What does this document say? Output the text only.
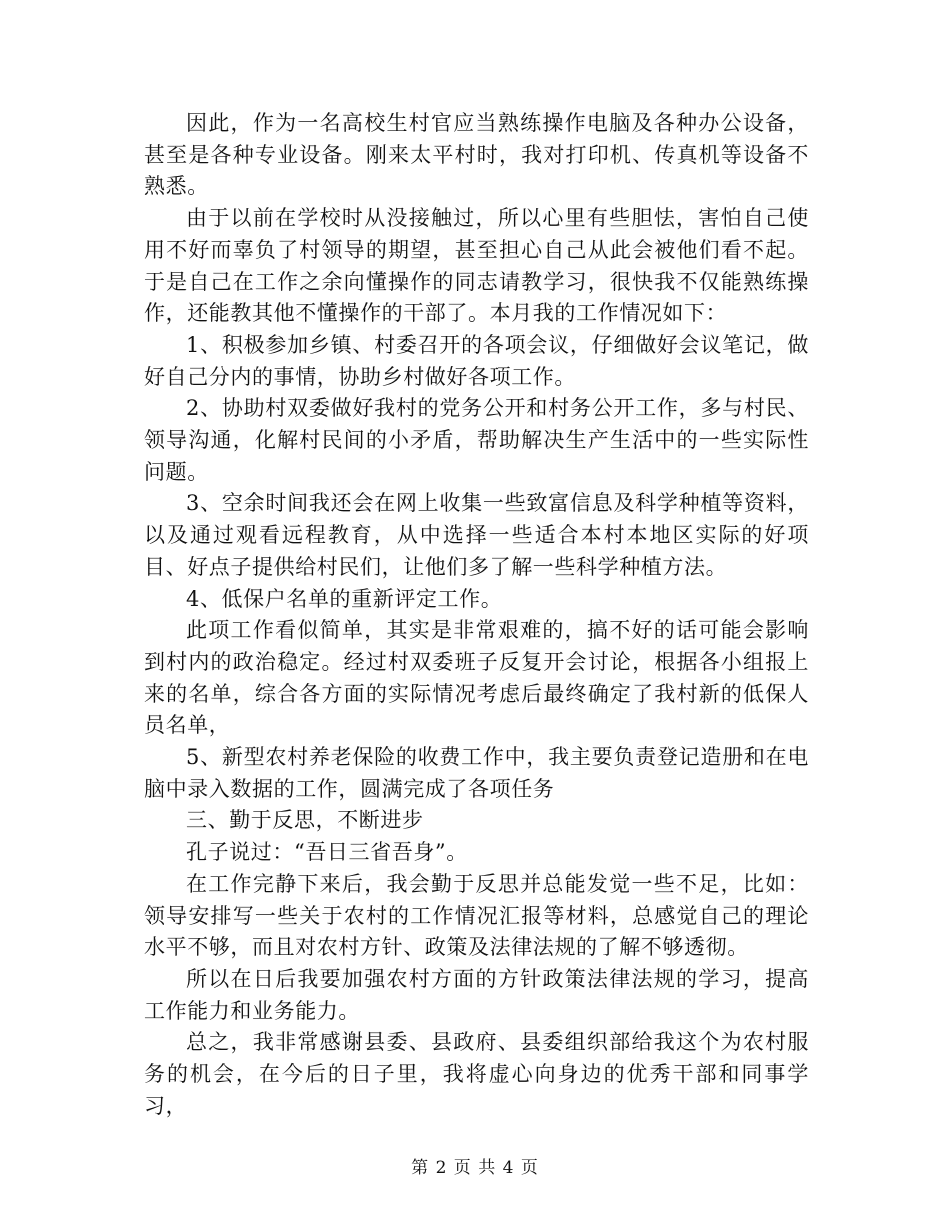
因此，作为一名高校生村官应当熟练操作电脑及各种办公设备，甚至是各种专业设备。刚来太平村时，我对打印机、传真机等设备不熟悉。

由于以前在学校时从没接触过，所以心里有些胆怯，害怕自己使用不好而辜负了村领导的期望，甚至担心自己从此会被他们看不起。于是自己在工作之余向懂操作的同志请教学习，很快我不仅能熟练操作，还能教其他不懂操作的干部了。本月我的工作情况如下：

1、积极参加乡镇、村委召开的各项会议，仔细做好会议笔记，做好自己分内的事情，协助乡村做好各项工作。

2、协助村双委做好我村的党务公开和村务公开工作，多与村民、领导沟通，化解村民间的小矛盾，帮助解决生产生活中的一些实际性问题。

3、空余时间我还会在网上收集一些致富信息及科学种植等资料，以及通过观看远程教育，从中选择一些适合本村本地区实际的好项目、好点子提供给村民们，让他们多了解一些科学种植方法。

4、低保户名单的重新评定工作。

此项工作看似简单，其实是非常艰难的，搞不好的话可能会影响到村内的政治稳定。经过村双委班子反复开会讨论，根据各小组报上来的名单，综合各方面的实际情况考虑后最终确定了我村新的低保人员名单，

5、新型农村养老保险的收费工作中，我主要负责登记造册和在电脑中录入数据的工作，圆满完成了各项任务

三、勤于反思，不断进步

孔子说过：“吾日三省吾身”。

在工作完静下来后，我会勤于反思并总能发觉一些不足，比如：领导安排写一些关于农村的工作情况汇报等材料，总感觉自己的理论水平不够，而且对农村方针、政策及法律法规的了解不够透彻。

所以在日后我要加强农村方面的方针政策法律法规的学习，提高工作能力和业务能力。

总之，我非常感谢县委、县政府、县委组织部给我这个为农村服务的机会，在今后的日子里，我将虚心向身边的优秀干部和同事学习，

第 2 页 共 4 页
